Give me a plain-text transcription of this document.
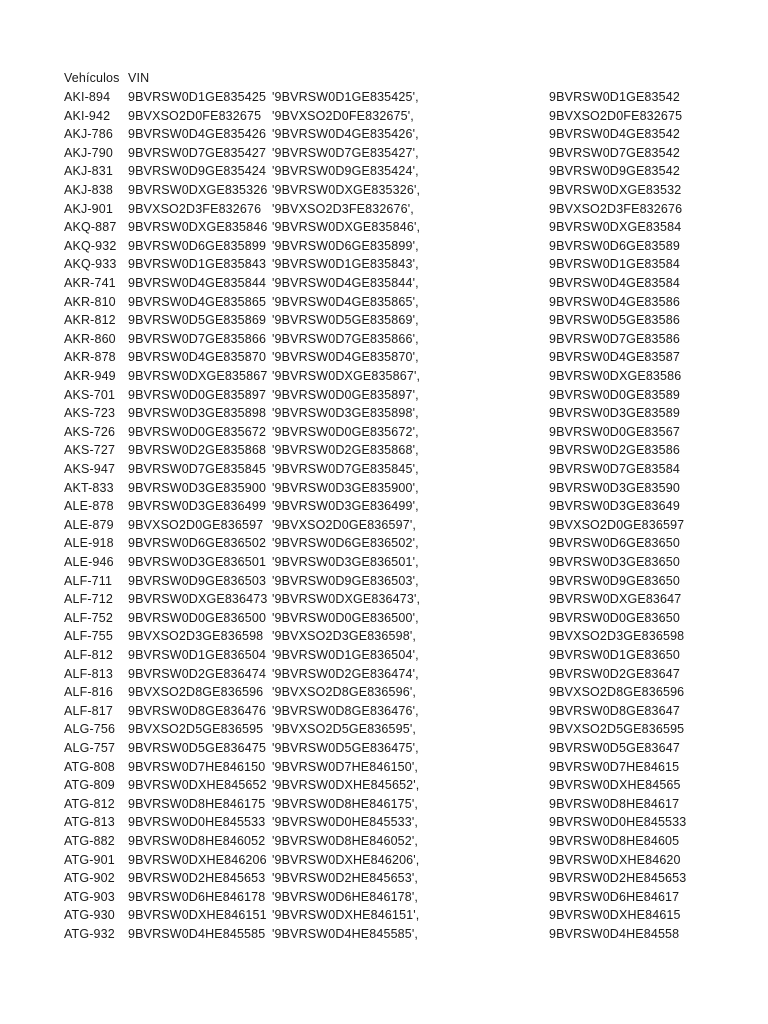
Vehículos VIN
AKI-894	9BVRSW0D1GE835425 '9BVRSW0D1GE835425',	9BVRSW0D1GE83542
AKI-942	9BVXSO2D0FE832675 '9BVXSO2D0FE832675',	9BVXSO2D0FE832675
AKJ-786	9BVRSW0D4GE835426 '9BVRSW0D4GE835426',	9BVRSW0D4GE83542
AKJ-790	9BVRSW0D7GE835427 '9BVRSW0D7GE835427',	9BVRSW0D7GE83542
AKJ-831	9BVRSW0D9GE835424 '9BVRSW0D9GE835424',	9BVRSW0D9GE83542
AKJ-838	9BVRSW0DXGE835326 '9BVRSW0DXGE835326',	9BVRSW0DXGE83532
AKJ-901	9BVXSO2D3FE832676 '9BVXSO2D3FE832676',	9BVXSO2D3FE832676
AKQ-887 9BVRSW0DXGE835846 '9BVRSW0DXGE835846',	9BVRSW0DXGE83584
AKQ-932 9BVRSW0D6GE835899 '9BVRSW0D6GE835899',	9BVRSW0D6GE83589
AKQ-933 9BVRSW0D1GE835843 '9BVRSW0D1GE835843',	9BVRSW0D1GE83584
AKR-741 9BVRSW0D4GE835844 '9BVRSW0D4GE835844',	9BVRSW0D4GE83584
AKR-810 9BVRSW0D4GE835865 '9BVRSW0D4GE835865',	9BVRSW0D4GE83586
AKR-812 9BVRSW0D5GE835869 '9BVRSW0D5GE835869',	9BVRSW0D5GE83586
AKR-860 9BVRSW0D7GE835866 '9BVRSW0D7GE835866',	9BVRSW0D7GE83586
AKR-878 9BVRSW0D4GE835870 '9BVRSW0D4GE835870',	9BVRSW0D4GE83587
AKR-949 9BVRSW0DXGE835867 '9BVRSW0DXGE835867',	9BVRSW0DXGE83586
AKS-701	9BVRSW0D0GE835897 '9BVRSW0D0GE835897',	9BVRSW0D0GE83589
AKS-723	9BVRSW0D3GE835898 '9BVRSW0D3GE835898',	9BVRSW0D3GE83589
AKS-726	9BVRSW0D0GE835672 '9BVRSW0D0GE835672',	9BVRSW0D0GE83567
AKS-727	9BVRSW0D2GE835868 '9BVRSW0D2GE835868',	9BVRSW0D2GE83586
AKS-947	9BVRSW0D7GE835845 '9BVRSW0D7GE835845',	9BVRSW0D7GE83584
AKT-833	9BVRSW0D3GE835900 '9BVRSW0D3GE835900',	9BVRSW0D3GE83590
ALE-878	9BVRSW0D3GE836499 '9BVRSW0D3GE836499',	9BVRSW0D3GE83649
ALE-879	9BVXSO2D0GE836597 '9BVXSO2D0GE836597',	9BVXSO2D0GE836597
ALE-918	9BVRSW0D6GE836502 '9BVRSW0D6GE836502',	9BVRSW0D6GE83650
ALE-946	9BVRSW0D3GE836501 '9BVRSW0D3GE836501',	9BVRSW0D3GE83650
ALF-711	9BVRSW0D9GE836503 '9BVRSW0D9GE836503',	9BVRSW0D9GE83650
ALF-712	9BVRSW0DXGE836473 '9BVRSW0DXGE836473',	9BVRSW0DXGE83647
ALF-752	9BVRSW0D0GE836500 '9BVRSW0D0GE836500',	9BVRSW0D0GE83650
ALF-755	9BVXSO2D3GE836598 '9BVXSO2D3GE836598',	9BVXSO2D3GE836598
ALF-812	9BVRSW0D1GE836504 '9BVRSW0D1GE836504',	9BVRSW0D1GE83650
ALF-813	9BVRSW0D2GE836474 '9BVRSW0D2GE836474',	9BVRSW0D2GE83647
ALF-816	9BVXSO2D8GE836596 '9BVXSO2D8GE836596',	9BVXSO2D8GE836596
ALF-817	9BVRSW0D8GE836476 '9BVRSW0D8GE836476',	9BVRSW0D8GE83647
ALG-756	9BVXSO2D5GE836595 '9BVXSO2D5GE836595',	9BVXSO2D5GE836595
ALG-757	9BVRSW0D5GE836475 '9BVRSW0D5GE836475',	9BVRSW0D5GE83647
ATG-808	9BVRSW0D7HE846150 '9BVRSW0D7HE846150',	9BVRSW0D7HE84615
ATG-809	9BVRSW0DXHE845652 '9BVRSW0DXHE845652',	9BVRSW0DXHE84565
ATG-812	9BVRSW0D8HE846175 '9BVRSW0D8HE846175',	9BVRSW0D8HE84617
ATG-813	9BVRSW0D0HE845533 '9BVRSW0D0HE845533',	9BVRSW0D0HE845533
ATG-882	9BVRSW0D8HE846052 '9BVRSW0D8HE846052',	9BVRSW0D8HE84605
ATG-901	9BVRSW0DXHE846206 '9BVRSW0DXHE846206',	9BVRSW0DXHE84620
ATG-902	9BVRSW0D2HE845653 '9BVRSW0D2HE845653',	9BVRSW0D2HE845653
ATG-903	9BVRSW0D6HE846178 '9BVRSW0D6HE846178',	9BVRSW0D6HE84617
ATG-930	9BVRSW0DXHE846151 '9BVRSW0DXHE846151',	9BVRSW0DXHE84615
ATG-932	9BVRSW0D4HE845585 '9BVRSW0D4HE845585',	9BVRSW0D4HE84558
